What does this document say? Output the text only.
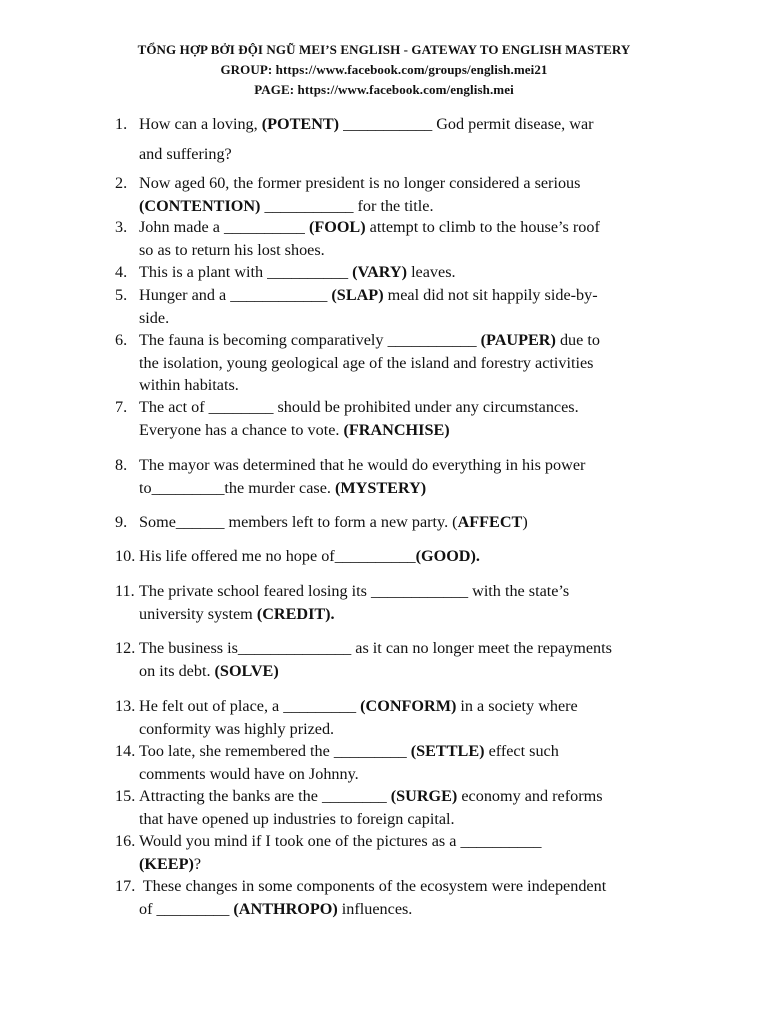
TỔNG HỢP BỞI ĐỘI NGŨ MEI’S ENGLISH - GATEWAY TO ENGLISH MASTERY
GROUP: https://www.facebook.com/groups/english.mei21
PAGE: https://www.facebook.com/english.mei
1. How can a loving, (POTENT) ___________ God permit disease, war
and suffering?
2. Now aged 60, the former president is no longer considered a serious
(CONTENTION) ___________ for the title.
3. John made a __________ (FOOL) attempt to climb to the house’s roof
so as to return his lost shoes.
4. This is a plant with __________ (VARY) leaves.
5. Hunger and a ____________ (SLAP) meal did not sit happily side-by-
side.
6. The fauna is becoming comparatively ___________ (PAUPER) due to
the isolation, young geological age of the island and forestry activities
within habitats.
7. The act of ________ should be prohibited under any circumstances.
Everyone has a chance to vote. (FRANCHISE)
8. The mayor was determined that he would do everything in his power
to_________the murder case. (MYSTERY)
9. Some______ members left to form a new party. (AFFECT)
10. His life offered me no hope of__________(GOOD).
11. The private school feared losing its ____________ with the state’s
university system (CREDIT).
12. The business is______________ as it can no longer meet the repayments
on its debt. (SOLVE)
13. He felt out of place, a _________ (CONFORM) in a society where
conformity was highly prized.
14. Too late, she remembered the _________ (SETTLE) effect such
comments would have on Johnny.
15. Attracting the banks are the ________ (SURGE) economy and reforms
that have opened up industries to foreign capital.
16. Would you mind if I took one of the pictures as a __________
(KEEP)?
17. These changes in some components of the ecosystem were independent
of _________ (ANTHROPO) influences.
